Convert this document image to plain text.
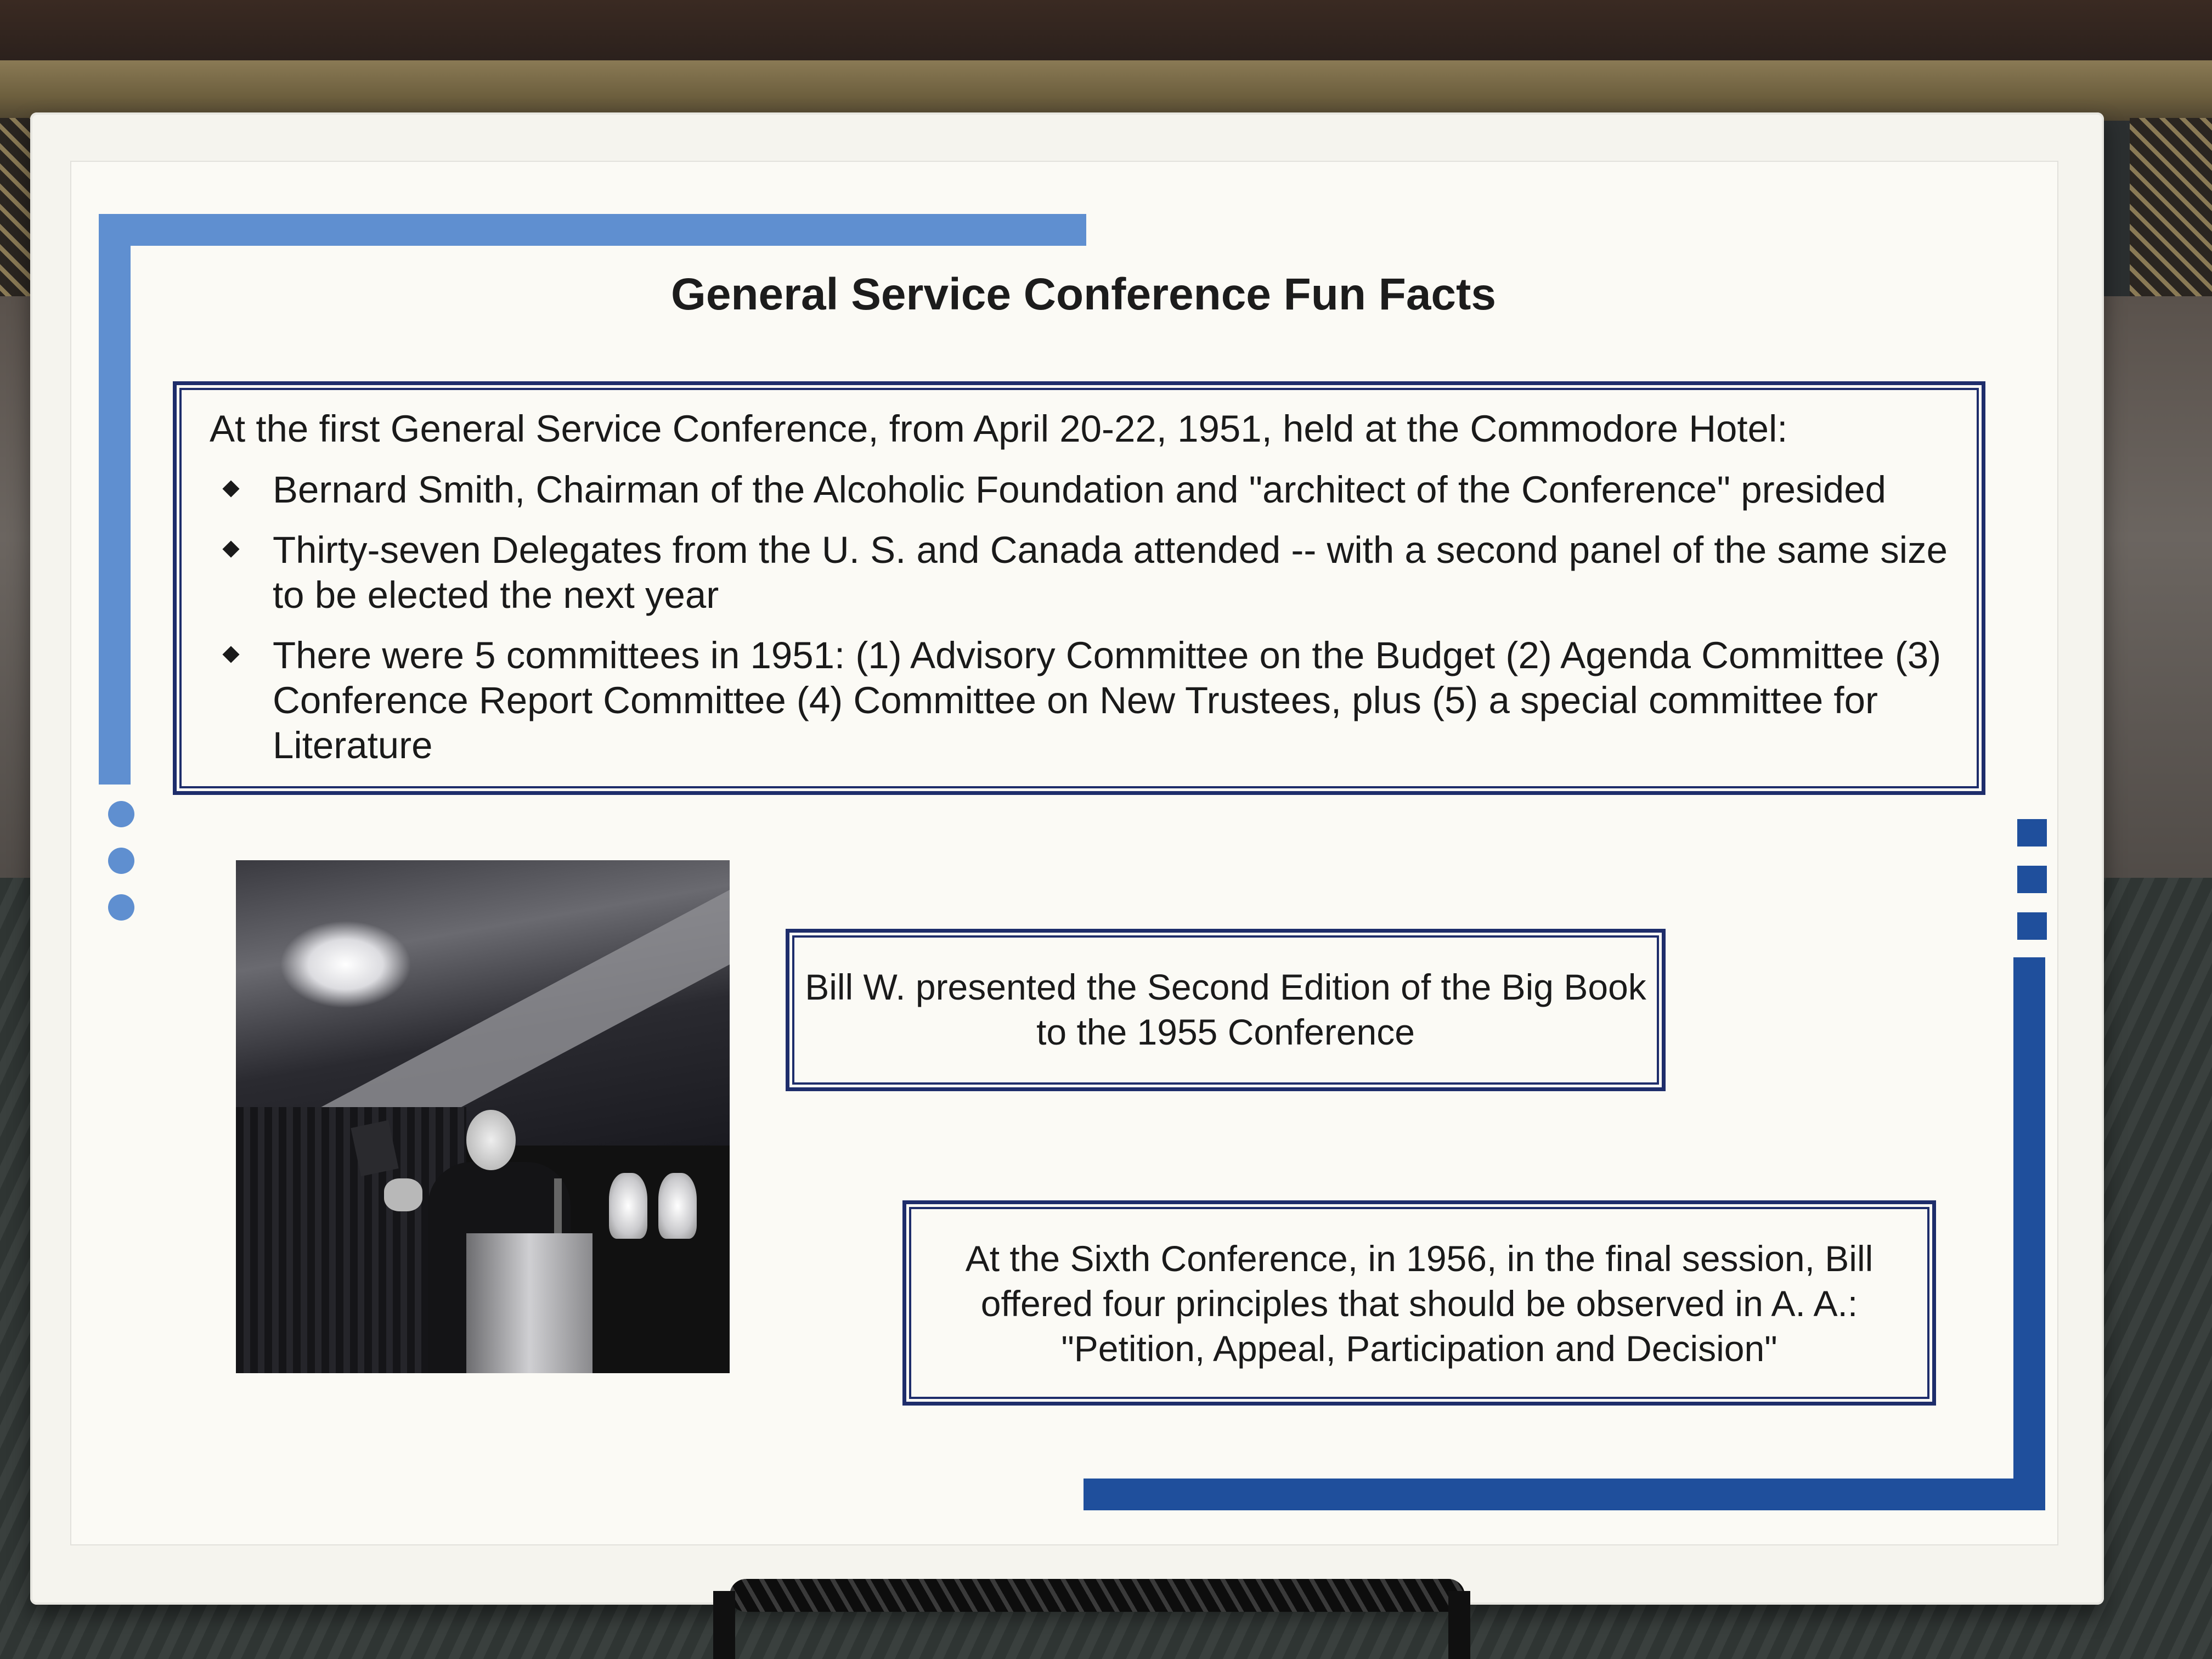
General Service Conference Fun Facts
At the first General Service Conference, from April 20-22, 1951, held at the Commodore Hotel:
Bernard Smith, Chairman of the Alcoholic Foundation and "architect of the Conference" presided
Thirty-seven Delegates from the U. S. and Canada attended -- with a second panel of the same size to be elected the next year
There were 5 committees in 1951: (1) Advisory Committee on the Budget (2) Agenda Committee (3) Conference Report Committee (4) Committee on New Trustees, plus (5) a special committee for Literature
Bill W. presented the Second Edition of the Big Book to the 1955 Conference
At the Sixth Conference, in 1956, in the final session, Bill offered four principles that should be observed in A. A.: "Petition, Appeal, Participation and Decision"
